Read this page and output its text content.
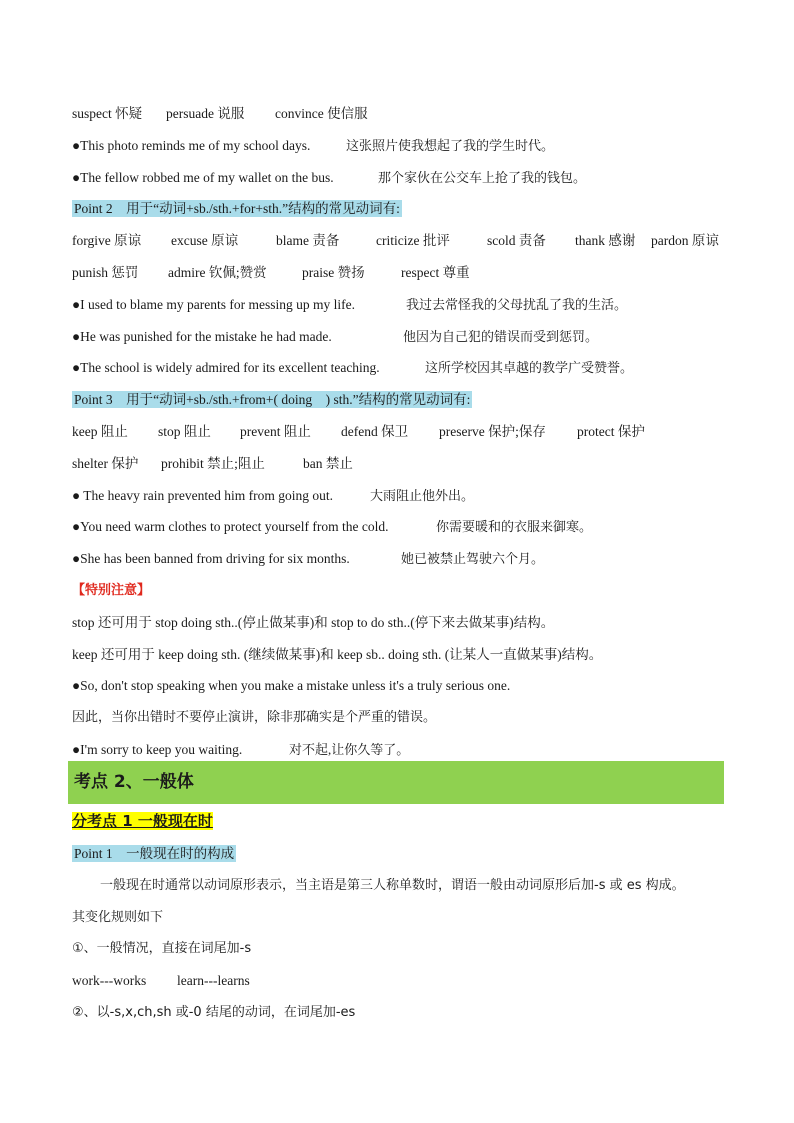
suspect 怀疑 persuade 说服 convince 使信服
●This photo reminds me of my school days.	这张照片使我想起了我的学生时代。
●The fellow robbed me of my wallet on the bus.	那个家伙在公交车上抢了我的钱包。
Point 2　用于“动词+sb./sth.+for+sth.”结构的常见动词有:
forgive 原谅 excuse 原谅	blame 责备	criticize 批评	scold 责备 thank 感谢 pardon 原谅
punish 惩罚 admire 钦佩;赞赏	praise 赞扬	respect 尊重
●I used to blame my parents for messing up my life.	我过去常怪我的父母扰乱了我的生活。
●He was punished for the mistake he had made.	他因为自己犯的错误而受到惩罚。
●The school is widely admired for its excellent teaching.	这所学校因其卓越的教学广受赞誉。
Point 3　用于“动词+sb./sth.+from+( doing　) sth.”结构的常见动词有:
keep 阻止 stop 阻止 prevent 阻止 defend 保卫 preserve 保护;保存 protect 保护
shelter 保护 prohibit 禁止;阻止	ban 禁止
● The heavy rain prevented him from going out.	大雨阻止他外出。
●You need warm clothes to protect yourself from the cold.	你需要暖和的衣服来御寒。
●She has been banned from driving for six months.	她已被禁止驾驶六个月。
【特别注意】
stop 还可用于 stop doing sth..(停止做某事)和 stop to do sth..(停下来去做某事)结构。
keep 还可用于 keep doing sth. (继续做某事)和 keep sb.. doing sth. (让某人一直做某事)结构。
●So, don't stop speaking when you make a mistake unless it's a truly serious one.
因此，当你出错时不要停止演讲，除非那确实是个严重的错误。
●I'm sorry to keep you waiting.	对不起,让你久等了。
考点 2、一般体
分考点 1 一般现在时
Point 1　一般现在时的构成
一般现在时通常以动词原形表示，当主语是第三人称单数时，谓语一般由动词原形后加-s 或 es 构成。
其变化规则如下
①、一般情况，直接在词尾加-s
work---works learn---learns
②、以-s,x,ch,sh 或-0 结尾的动词，在词尾加-es
